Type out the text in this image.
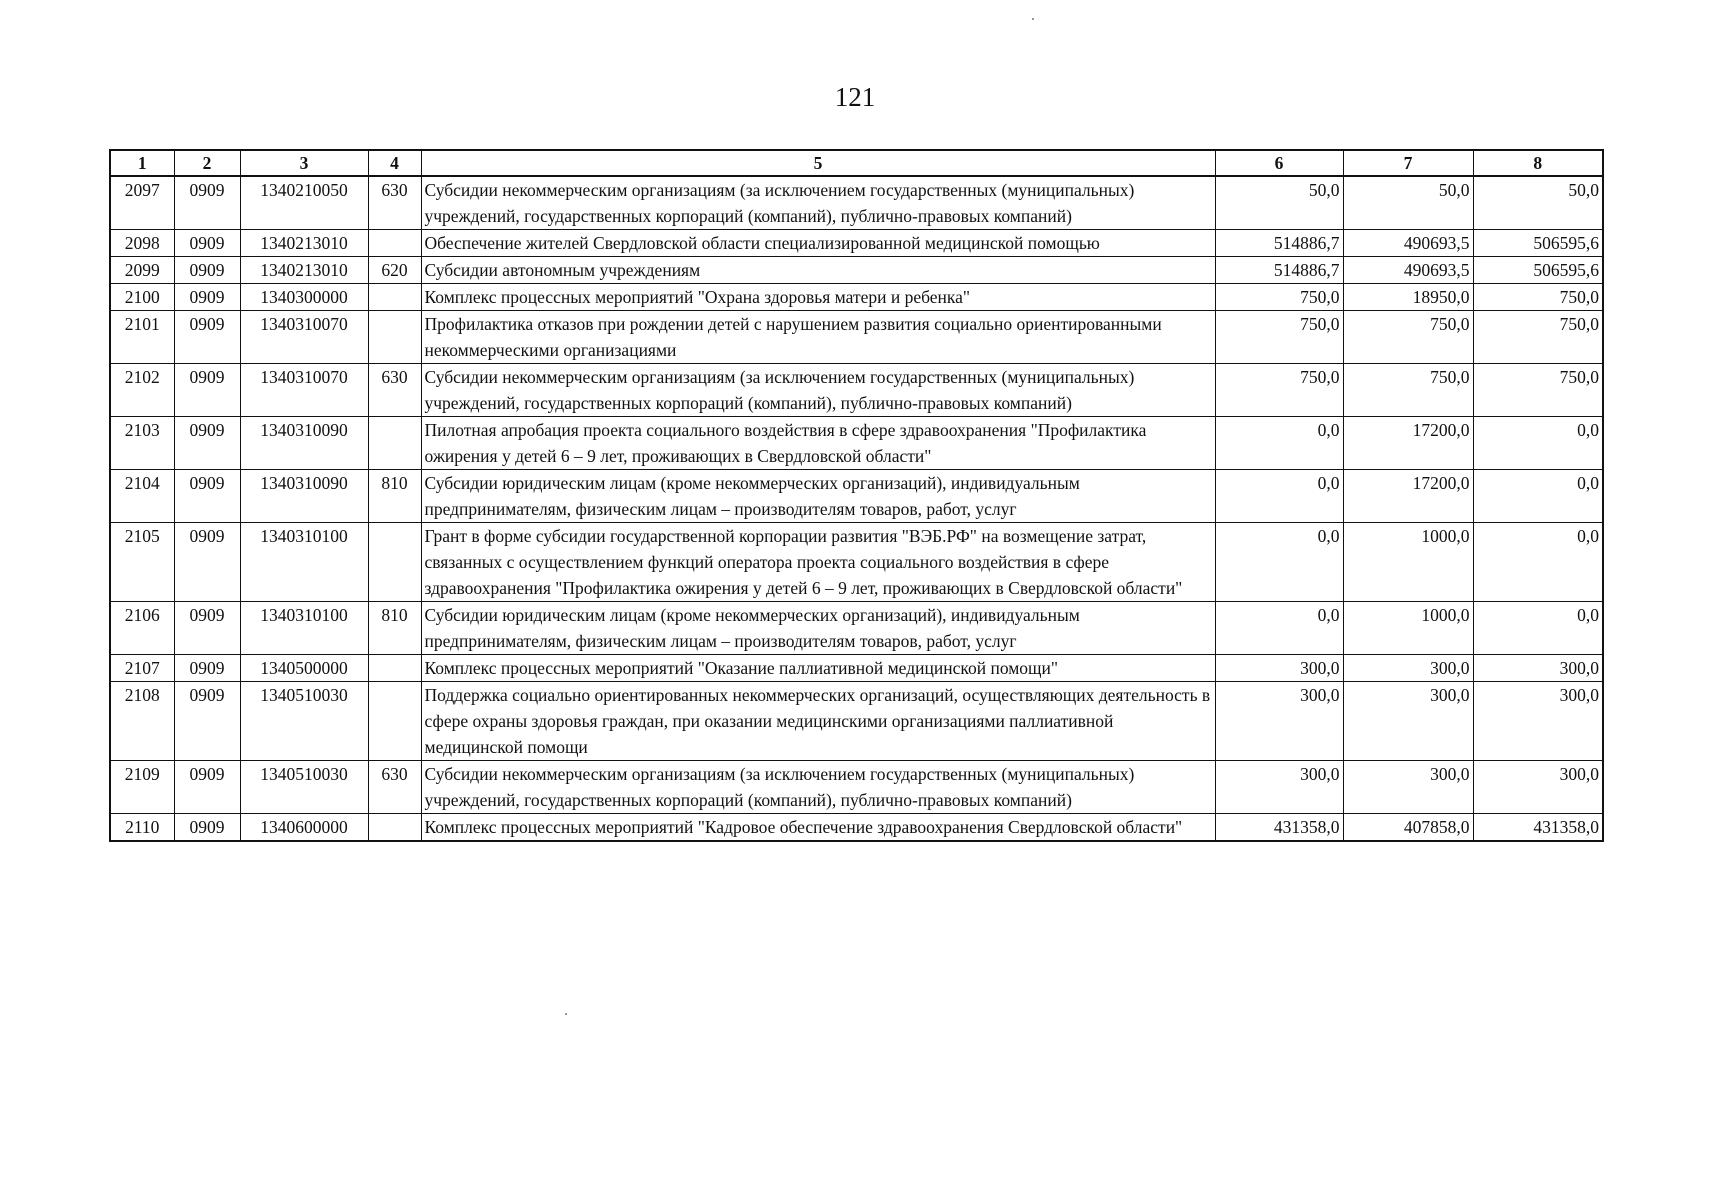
121
1	2	3	4	5	6	7	8
2097	0909	1340210050	630	Субсидии некоммерческим организациям (за исключением государственных (муниципальных) учреждений, государственных корпораций (компаний), публично-правовых компаний)	50,0	50,0	50,0
2098	0909	1340213010		Обеспечение жителей Свердловской области специализированной медицинской помощью	514886,7	490693,5	506595,6
2099	0909	1340213010	620	Субсидии автономным учреждениям	514886,7	490693,5	506595,6
2100	0909	1340300000		Комплекс процессных мероприятий "Охрана здоровья матери и ребенка"	750,0	18950,0	750,0
2101	0909	1340310070		Профилактика отказов при рождении детей с нарушением развития социально ориентированными некоммерческими организациями	750,0	750,0	750,0
2102	0909	1340310070	630	Субсидии некоммерческим организациям (за исключением государственных (муниципальных) учреждений, государственных корпораций (компаний), публично-правовых компаний)	750,0	750,0	750,0
2103	0909	1340310090		Пилотная апробация проекта социального воздействия в сфере здравоохранения "Профилактика ожирения у детей 6 – 9 лет, проживающих в Свердловской области"	0,0	17200,0	0,0
2104	0909	1340310090	810	Субсидии юридическим лицам (кроме некоммерческих организаций), индивидуальным предпринимателям, физическим лицам – производителям товаров, работ, услуг	0,0	17200,0	0,0
2105	0909	1340310100		Грант в форме субсидии государственной корпорации развития "ВЭБ.РФ" на возмещение затрат, связанных с осуществлением функций оператора проекта социального воздействия в сфере здравоохранения "Профилактика ожирения у детей 6 – 9 лет, проживающих в Свердловской области"	0,0	1000,0	0,0
2106	0909	1340310100	810	Субсидии юридическим лицам (кроме некоммерческих организаций), индивидуальным предпринимателям, физическим лицам – производителям товаров, работ, услуг	0,0	1000,0	0,0
2107	0909	1340500000		Комплекс процессных мероприятий "Оказание паллиативной медицинской помощи"	300,0	300,0	300,0
2108	0909	1340510030		Поддержка социально ориентированных некоммерческих организаций, осуществляющих деятельность в сфере охраны здоровья граждан, при оказании медицинскими организациями паллиативной медицинской помощи	300,0	300,0	300,0
2109	0909	1340510030	630	Субсидии некоммерческим организациям (за исключением государственных (муниципальных) учреждений, государственных корпораций (компаний), публично-правовых компаний)	300,0	300,0	300,0
2110	0909	1340600000		Комплекс процессных мероприятий "Кадровое обеспечение здравоохранения Свердловской области"	431358,0	407858,0	431358,0
